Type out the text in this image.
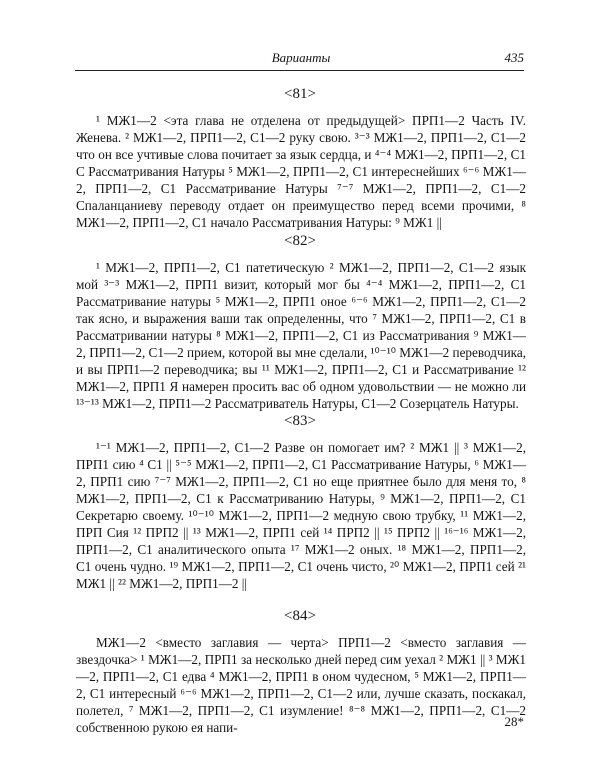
Варианты	435
<81>

¹ МЖ1—2 <эта глава не отделена от предыдущей> ПРП1—2 Часть IV. Женева. ² МЖ1—2, ПРП1—2, С1—2 руку свою. ³⁻³ МЖ1—2, ПРП1—2, С1—2 что он все учтивые слова почитает за язык сердца, и ⁴⁻⁴ МЖ1—2, ПРП1—2, С1 С Рассматривания Натуры ⁵ МЖ1—2, ПРП1—2, С1 интереснейших ⁶⁻⁶ МЖ1—2, ПРП1—2, С1 Рассматривание Натуры ⁷⁻⁷ МЖ1—2, ПРП1—2, С1—2 Спаланцаниеву переводу отдает он преимущество перед всеми прочими, ⁸ МЖ1—2, ПРП1—2, С1 начало Рассматривания Натуры: ⁹ МЖ1 ||

<82>

¹ МЖ1—2, ПРП1—2, С1 патетическую ² МЖ1—2, ПРП1—2, С1—2 язык мой ³⁻³ МЖ1—2, ПРП1 визит, который мог бы ⁴⁻⁴ МЖ1—2, ПРП1—2, С1 Рассматривание натуры ⁵ МЖ1—2, ПРП1 оное ⁶⁻⁶ МЖ1—2, ПРП1—2, С1—2 так ясно, и выражения ваши так определенны, что ⁷ МЖ1—2, ПРП1—2, С1 в Рассматривании натуры ⁸ МЖ1—2, ПРП1—2, С1 из Рассматривания ⁹ МЖ1—2, ПРП1—2, С1—2 прием, которой вы мне сделали, ¹⁰⁻¹⁰ МЖ1—2 переводчика, и вы ПРП1—2 переводчика; вы ¹¹ МЖ1—2, ПРП1—2, С1 и Рассматривание ¹² МЖ1—2, ПРП1 Я намерен просить вас об одном удовольствии — не можно ли ¹³⁻¹³ МЖ1—2, ПРП1—2 Рассматриватель Натуры, С1—2 Созерцатель Натуры.

<83>

¹⁻¹ МЖ1—2, ПРП1—2, С1—2 Разве он помогает им? ² МЖ1 || ³ МЖ1—2, ПРП1 сию ⁴ С1 || ⁵⁻⁵ МЖ1—2, ПРП1—2, С1 Рассматривание Натуры, ⁶ МЖ1—2, ПРП1 сию ⁷⁻⁷ МЖ1—2, ПРП1—2, С1 но еще приятнее было для меня то, ⁸ МЖ1—2, ПРП1—2, С1 к Рассматриванию Натуры, ⁹ МЖ1—2, ПРП1—2, С1 Секретарю своему. ¹⁰⁻¹⁰ МЖ1—2, ПРП1—2 медную свою трубку, ¹¹ МЖ1—2, ПРП Сия ¹² ПРП2 || ¹³ МЖ1—2, ПРП1 сей ¹⁴ ПРП2 || ¹⁵ ПРП2 || ¹⁶⁻¹⁶ МЖ1—2, ПРП1—2, С1 аналитического опыта ¹⁷ МЖ1—2 оных. ¹⁸ МЖ1—2, ПРП1—2, С1 очень чудно. ¹⁹ МЖ1—2, ПРП1—2, С1 очень чисто, ²⁰ МЖ1—2, ПРП1 сей ²¹ МЖ1 || ²² МЖ1—2, ПРП1—2 ||

<84>

МЖ1—2 <вместо заглавия — черта> ПРП1—2 <вместо заглавия — звездочка> ¹ МЖ1—2, ПРП1 за несколько дней перед сим уехал ² МЖ1 || ³ МЖ1—2, ПРП1—2, С1 едва ⁴ МЖ1—2, ПРП1 в оном чудесном, ⁵ МЖ1—2, ПРП1—2, С1 интересный ⁶⁻⁶ МЖ1—2, ПРП1—2, С1—2 или, лучше сказать, поскакал, полетел, ⁷ МЖ1—2, ПРП1—2, С1 изумление! ⁸⁻⁸ МЖ1—2, ПРП1—2, С1—2 собственною рукою ея напи-	28*
